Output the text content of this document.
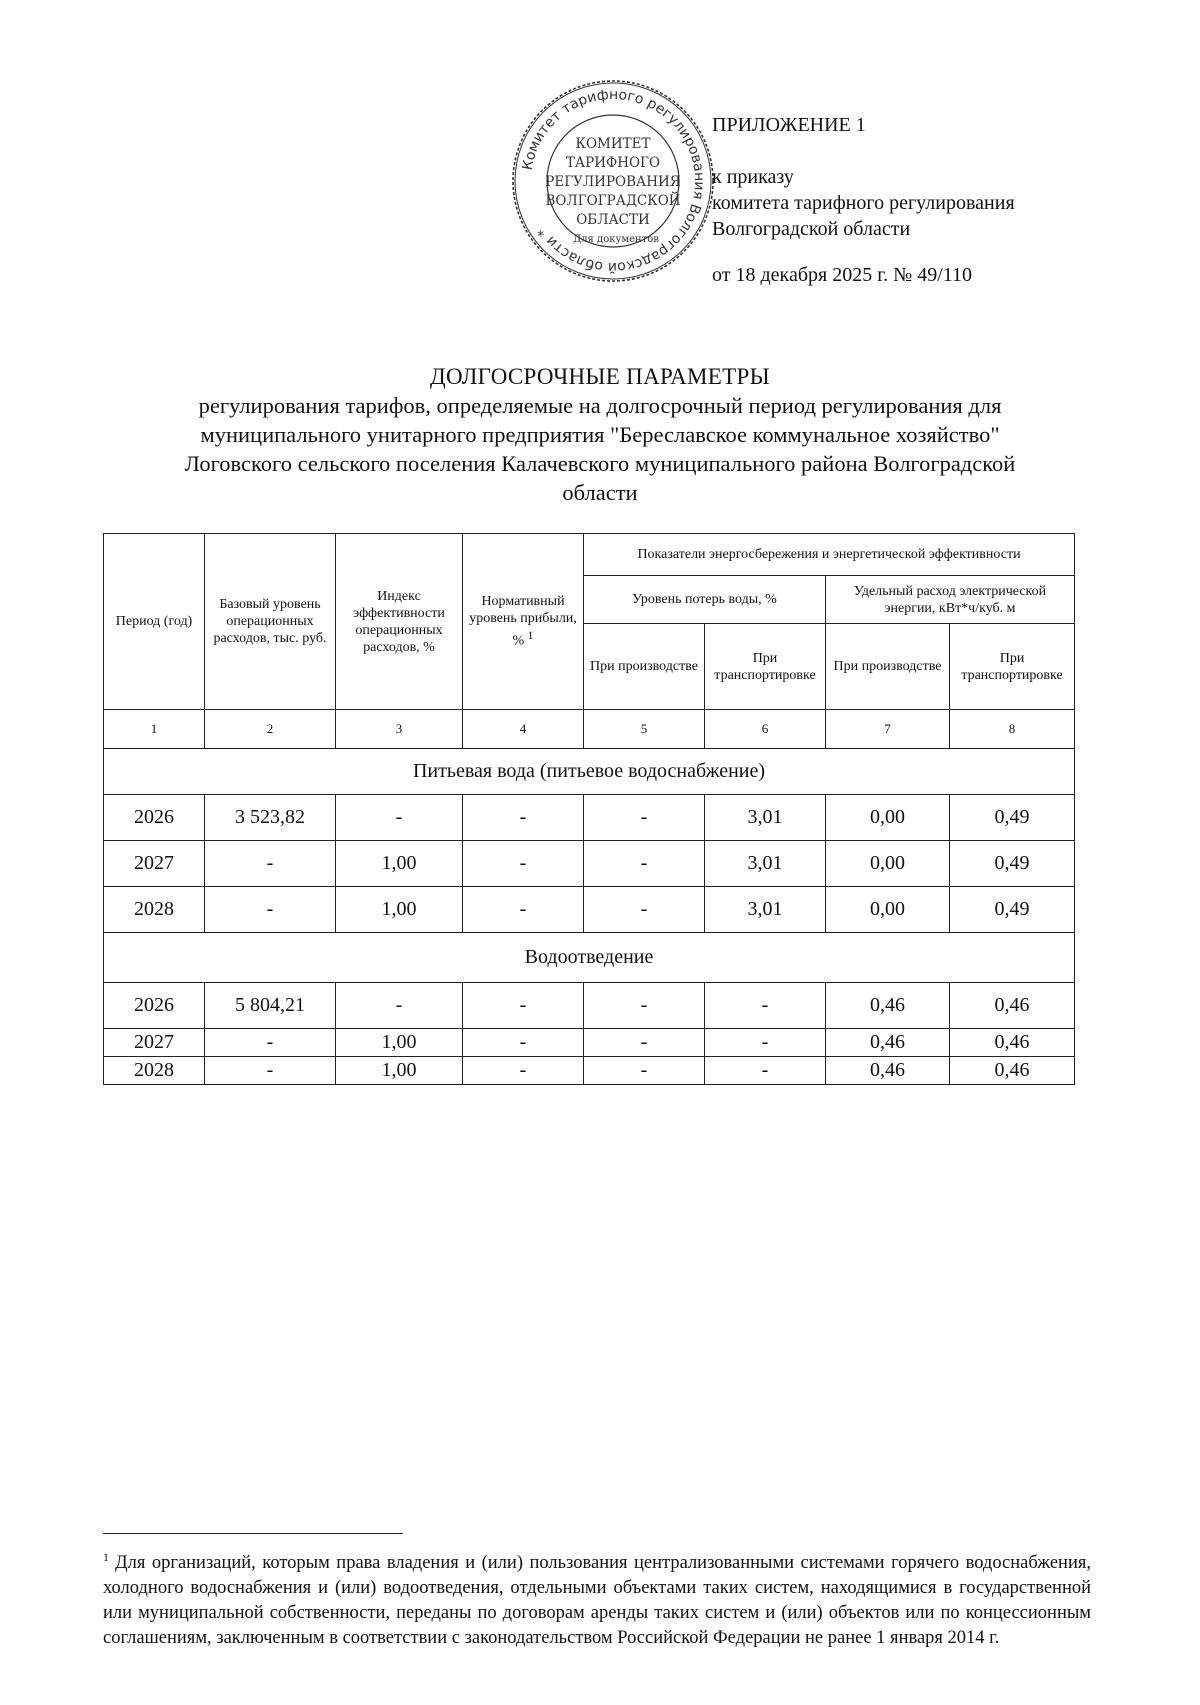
Комитет тарифного регулирования Волгоградской области *
КОМИТЕТ
ТАРИФНОГО
РЕГУЛИРОВАНИЯ
ВОЛГОГРАДСКОЙ
ОБЛАСТИ
Для документов
ПРИЛОЖЕНИЕ 1
к приказу
комитета тарифного регулирования
Волгоградской области
от 18 декабря 2025 г. № 49/110
ДОЛГОСРОЧНЫЕ ПАРАМЕТРЫ
регулирования тарифов, определяемые на долгосрочный период регулирования для
муниципального унитарного предприятия "Береславское коммунальное хозяйство"
Логовского сельского поселения Калачевского муниципального района Волгоградской
области
Период (год)	Базовый уровень операционных расходов, тыс. руб.	Индекс эффективности операционных расходов, %	Нормативный уровень прибыли, % $^1$	Показатели энергосбережения и энергетической эффективности			
				Уровень потерь воды, %		Удельный расход электрической энергии, кВт*ч/куб. м	
				При производстве	При транспортировке	При производстве	При транспортировке
1	2	3	4	5	6	7	8
Питьевая вода (питьевое водоснабжение)							
2026	3 523,82	-	-	-	3,01	0,00	0,49
2027	-	1,00	-	-	3,01	0,00	0,49
2028	-	1,00	-	-	3,01	0,00	0,49
Водоотведение							
2026	5 804,21	-	-	-	-	0,46	0,46
2027	-	1,00	-	-	-	0,46	0,46
2028	-	1,00	-	-	-	0,46	0,46
$^1$ Для организаций, которым права владения и (или) пользования централизованными системами горячего водоснабжения, холодного водоснабжения и (или) водоотведения, отдельными объектами таких систем, находящимися в государственной или муниципальной собственности, переданы по договорам аренды таких систем и (или) объектов или по концессионным соглашениям, заключенным в соответствии с законодательством Российской Федерации не ранее 1 января 2014 г.
